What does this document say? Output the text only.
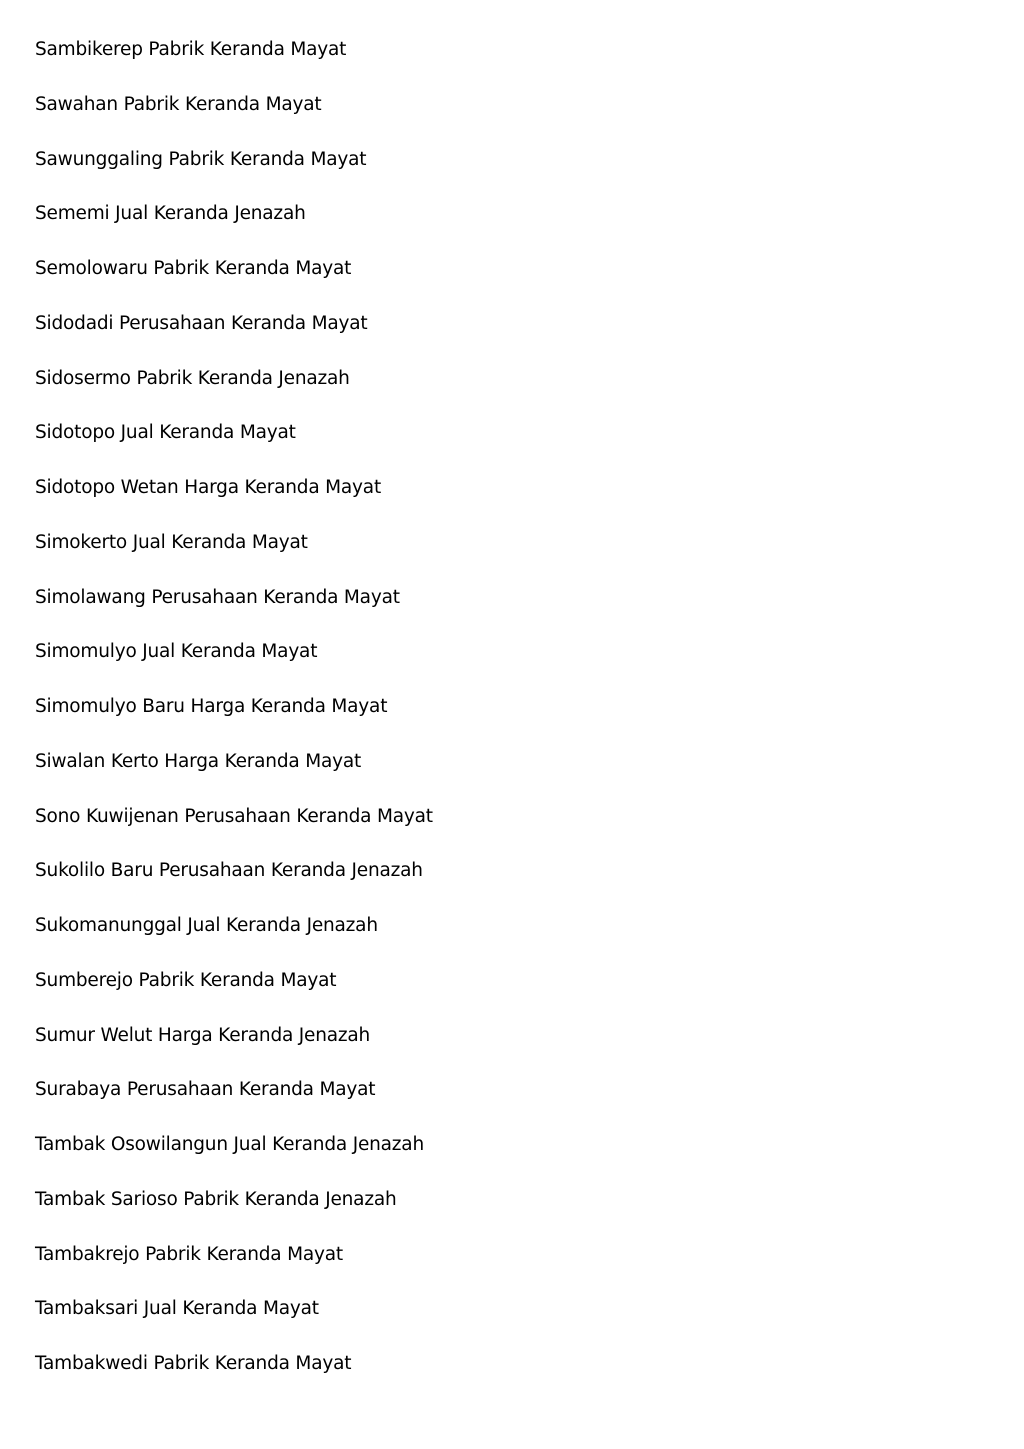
Sambikerep Pabrik Keranda Mayat
Sawahan Pabrik Keranda Mayat
Sawunggaling Pabrik Keranda Mayat
Sememi Jual Keranda Jenazah
Semolowaru Pabrik Keranda Mayat
Sidodadi Perusahaan Keranda Mayat
Sidosermo Pabrik Keranda Jenazah
Sidotopo Jual Keranda Mayat
Sidotopo Wetan Harga Keranda Mayat
Simokerto Jual Keranda Mayat
Simolawang Perusahaan Keranda Mayat
Simomulyo Jual Keranda Mayat
Simomulyo Baru Harga Keranda Mayat
Siwalan Kerto Harga Keranda Mayat
Sono Kuwijenan Perusahaan Keranda Mayat
Sukolilo Baru Perusahaan Keranda Jenazah
Sukomanunggal Jual Keranda Jenazah
Sumberejo Pabrik Keranda Mayat
Sumur Welut Harga Keranda Jenazah
Surabaya Perusahaan Keranda Mayat
Tambak Osowilangun Jual Keranda Jenazah
Tambak Sarioso Pabrik Keranda Jenazah
Tambakrejo Pabrik Keranda Mayat
Tambaksari Jual Keranda Mayat
Tambakwedi Pabrik Keranda Mayat
